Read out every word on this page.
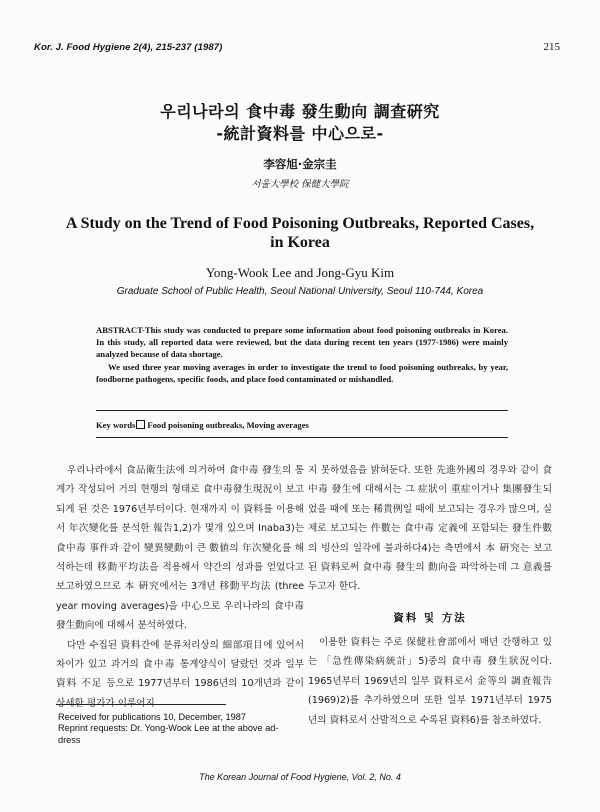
Kor. J. Food Hygiene 2(4), 215-237 (1987)	215
우리나라의 食中毒 發生動向 調査硏究
-統計資料를 中心으로-
李容旭·金宗圭
서울大學校 保健大學院
A Study on the Trend of Food Poisoning Outbreaks, Reported Cases, in Korea
Yong-Wook Lee and Jong-Gyu Kim
Graduate School of Public Health, Seoul National University, Seoul 110-744, Korea

ABSTRACT-This study was conducted to prepare some information about food poisoning outbreaks in Korea. In this study, all reported data were reviewed, but the data during recent ten years (1977-1986) were mainly analyzed because of data shortage.

We used three year moving averages in order to investigate the trend to food poisoning outbreaks, by year, foodborne pathogens, specific foods, and place food contaminated or mishandled.

Key words Food poisoning outbreaks, Moving averages

우리나라에서 食品衛生法에 의거하여 食中毒 發生의 통계가 작성되어 거의 현행의 형태로 食中毒發生現況이 보고되게 된 것은 1976년부터이다. 현재까지 이 資料를 이용해서 年次變化를 분석한 報告1,2)가 몇개 있으며 Inaba3)는 食中毒 事件과 같이 變異變動이 큰 數値의 年次變化를 해석하는데 移動平均法을 적용해서 약간의 성과를 얻었다고 보고하였으므로 本 硏究에서는 3개년 移動平均法 (three year moving averages)을 中心으로 우리나라의 食中毒 發生動向에 대해서 분석하였다.

다만 수집된 資料간에 분류처리상의 細部項目에 있어서 차이가 있고 과거의 食中毒 통계양식이 달랐던 것과 일부 資料 不足 등으로 1977년부터 1986년의 10개년과 같이

지 못하였음을 밝혀둔다. 또한 先進外國의 경우와 같이 食中毒 發生에 대해서는 그 症狀이 重症이거나 集團發生되었을 때에 또는 稀貴例일 때에 보고되는 경우가 많으며, 실제로 보고되는 件數는 食中毒 定義에 포함되는 發生件數의 빙산의 일각에 불과하다4)는 측면에서 本 硏究는 보고된 資料로써 食中毒 發生의 動向을 파악하는데 그 意義를 두고자 한다.

資料 및 方法

이용한 資料는 주로 保健社會部에서 매년 간행하고 있는 「急性傳染病統計」5)중의 食中毒 發生狀況이다. 1965년부터 1969년의 일부 資料로서 金等의 調査報告(1969)2)를 추가하였으며 또한 일부 1971년부터 1975년의 資料로서 산발적으로 수록된 資料6)를 참조하였다.

Received for publications 10, December, 1987
Reprint requests: Dr. Yong-Wook Lee at the above ad-
dress
The Korean Journal of Food Hygiene, Vol. 2, No. 4
